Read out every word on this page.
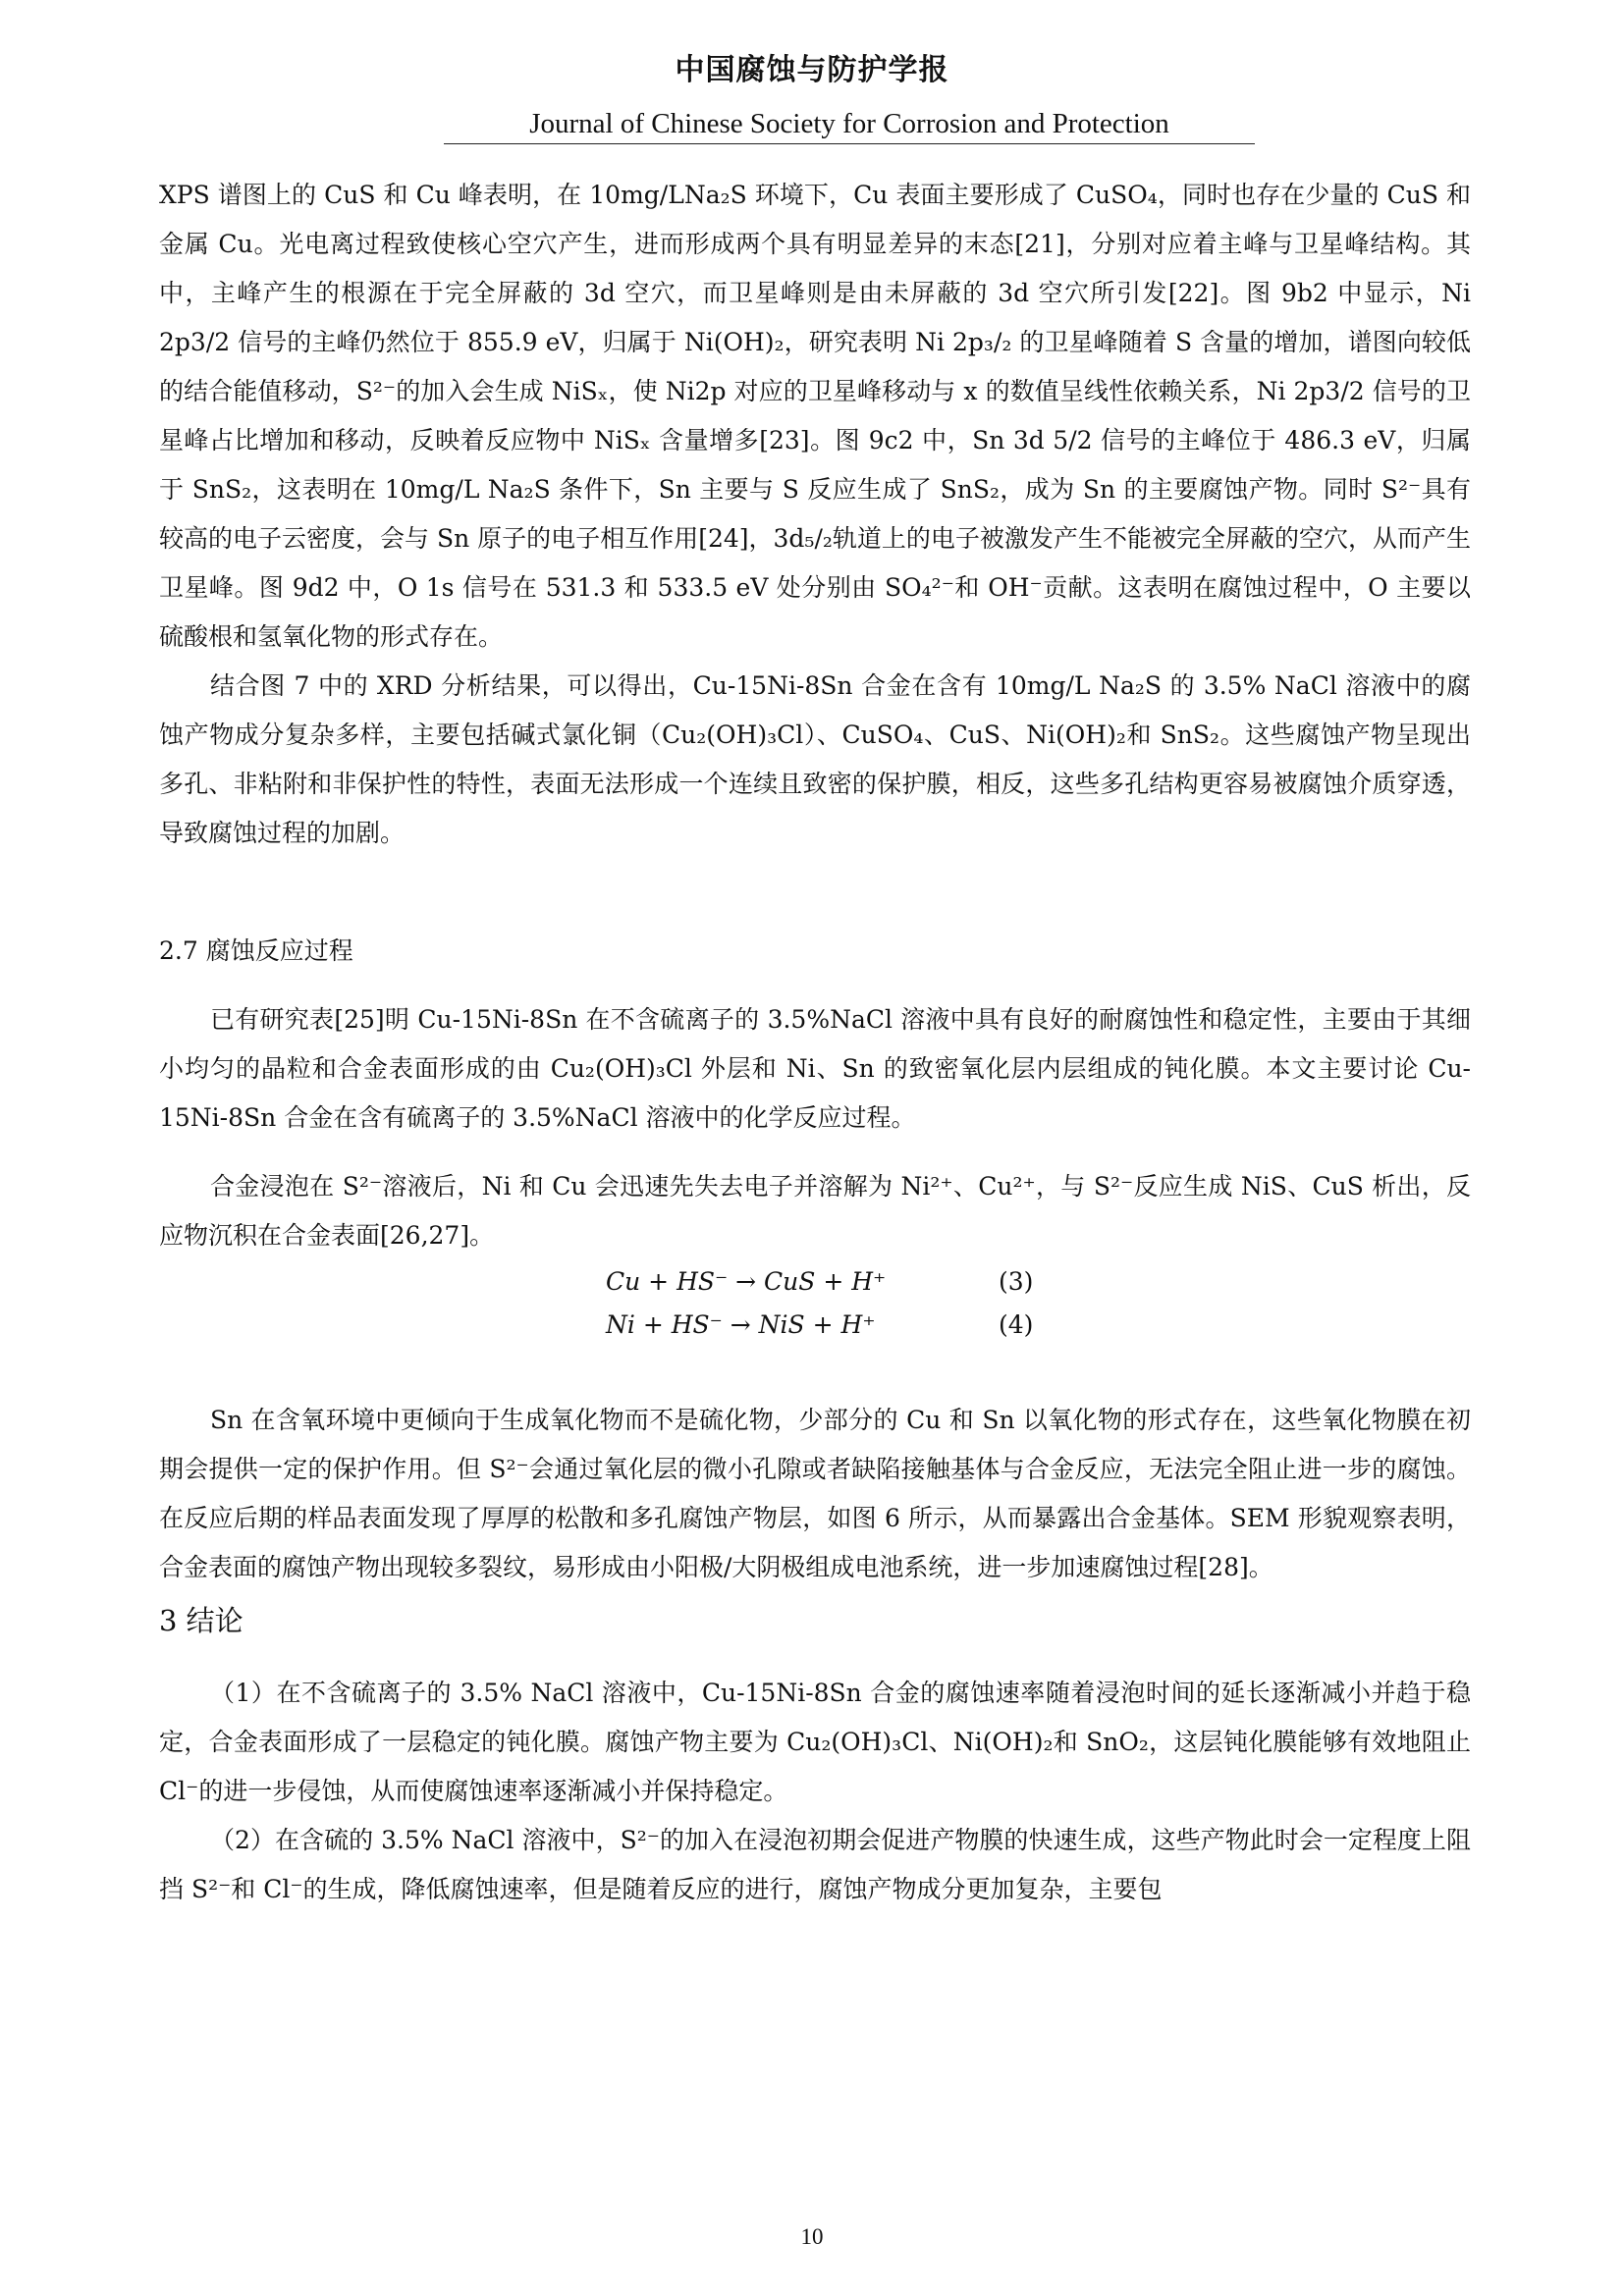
中国腐蚀与防护学报
Journal of Chinese Society for Corrosion and Protection

XPS 谱图上的 CuS 和 Cu 峰表明，在 10mg/LNa₂S 环境下，Cu 表面主要形成了 CuSO₄，同时也存在少量的 CuS 和金属 Cu。光电离过程致使核心空穴产生，进而形成两个具有明显差异的末态[21]，分别对应着主峰与卫星峰结构。其中，主峰产生的根源在于完全屏蔽的 3d 空穴，而卫星峰则是由未屏蔽的 3d 空穴所引发[22]。图 9b2 中显示，Ni 2p3/2 信号的主峰仍然位于 855.9 eV，归属于 Ni(OH)₂，研究表明 Ni 2p₃/₂ 的卫星峰随着 S 含量的增加，谱图向较低的结合能值移动，S²⁻的加入会生成 NiSₓ，使 Ni2p 对应的卫星峰移动与 x 的数值呈线性依赖关系，Ni 2p3/2 信号的卫星峰占比增加和移动，反映着反应物中 NiSₓ 含量增多[23]。图 9c2 中，Sn 3d 5/2 信号的主峰位于 486.3 eV，归属于 SnS₂，这表明在 10mg/L Na₂S 条件下，Sn 主要与 S 反应生成了 SnS₂，成为 Sn 的主要腐蚀产物。同时 S²⁻具有较高的电子云密度，会与 Sn 原子的电子相互作用[24]，3d₅/₂轨道上的电子被激发产生不能被完全屏蔽的空穴，从而产生卫星峰。图 9d2 中，O 1s 信号在 531.3 和 533.5 eV 处分别由 SO₄²⁻和 OH⁻贡献。这表明在腐蚀过程中，O 主要以硫酸根和氢氧化物的形式存在。

结合图 7 中的 XRD 分析结果，可以得出，Cu-15Ni-8Sn 合金在含有 10mg/L Na₂S 的 3.5% NaCl 溶液中的腐蚀产物成分复杂多样，主要包括碱式氯化铜（Cu₂(OH)₃Cl）、CuSO₄、CuS、Ni(OH)₂和 SnS₂。这些腐蚀产物呈现出多孔、非粘附和非保护性的特性，表面无法形成一个连续且致密的保护膜，相反，这些多孔结构更容易被腐蚀介质穿透，导致腐蚀过程的加剧。

2.7 腐蚀反应过程

已有研究表[25]明 Cu-15Ni-8Sn 在不含硫离子的 3.5%NaCl 溶液中具有良好的耐腐蚀性和稳定性，主要由于其细小均匀的晶粒和合金表面形成的由 Cu₂(OH)₃Cl 外层和 Ni、Sn 的致密氧化层内层组成的钝化膜。本文主要讨论 Cu-15Ni-8Sn 合金在含有硫离子的 3.5%NaCl 溶液中的化学反应过程。

合金浸泡在 S²⁻溶液后，Ni 和 Cu 会迅速先失去电子并溶解为 Ni²⁺、Cu²⁺，与 S²⁻反应生成 NiS、CuS 析出，反应物沉积在合金表面[26,27]。

Cu + HS⁻ → CuS + H⁺	(3)
Ni + HS⁻ → NiS + H⁺	(4)

Sn 在含氧环境中更倾向于生成氧化物而不是硫化物，少部分的 Cu 和 Sn 以氧化物的形式存在，这些氧化物膜在初期会提供一定的保护作用。但 S²⁻会通过氧化层的微小孔隙或者缺陷接触基体与合金反应，无法完全阻止进一步的腐蚀。在反应后期的样品表面发现了厚厚的松散和多孔腐蚀产物层，如图 6 所示，从而暴露出合金基体。SEM 形貌观察表明，合金表面的腐蚀产物出现较多裂纹，易形成由小阳极/大阴极组成电池系统，进一步加速腐蚀过程[28]。

3 结论

（1）在不含硫离子的 3.5% NaCl 溶液中，Cu-15Ni-8Sn 合金的腐蚀速率随着浸泡时间的延长逐渐减小并趋于稳定，合金表面形成了一层稳定的钝化膜。腐蚀产物主要为 Cu₂(OH)₃Cl、Ni(OH)₂和 SnO₂，这层钝化膜能够有效地阻止 Cl⁻的进一步侵蚀，从而使腐蚀速率逐渐减小并保持稳定。

（2）在含硫的 3.5% NaCl 溶液中，S²⁻的加入在浸泡初期会促进产物膜的快速生成，这些产物此时会一定程度上阻挡 S²⁻和 Cl⁻的生成，降低腐蚀速率，但是随着反应的进行，腐蚀产物成分更加复杂，主要包

10
